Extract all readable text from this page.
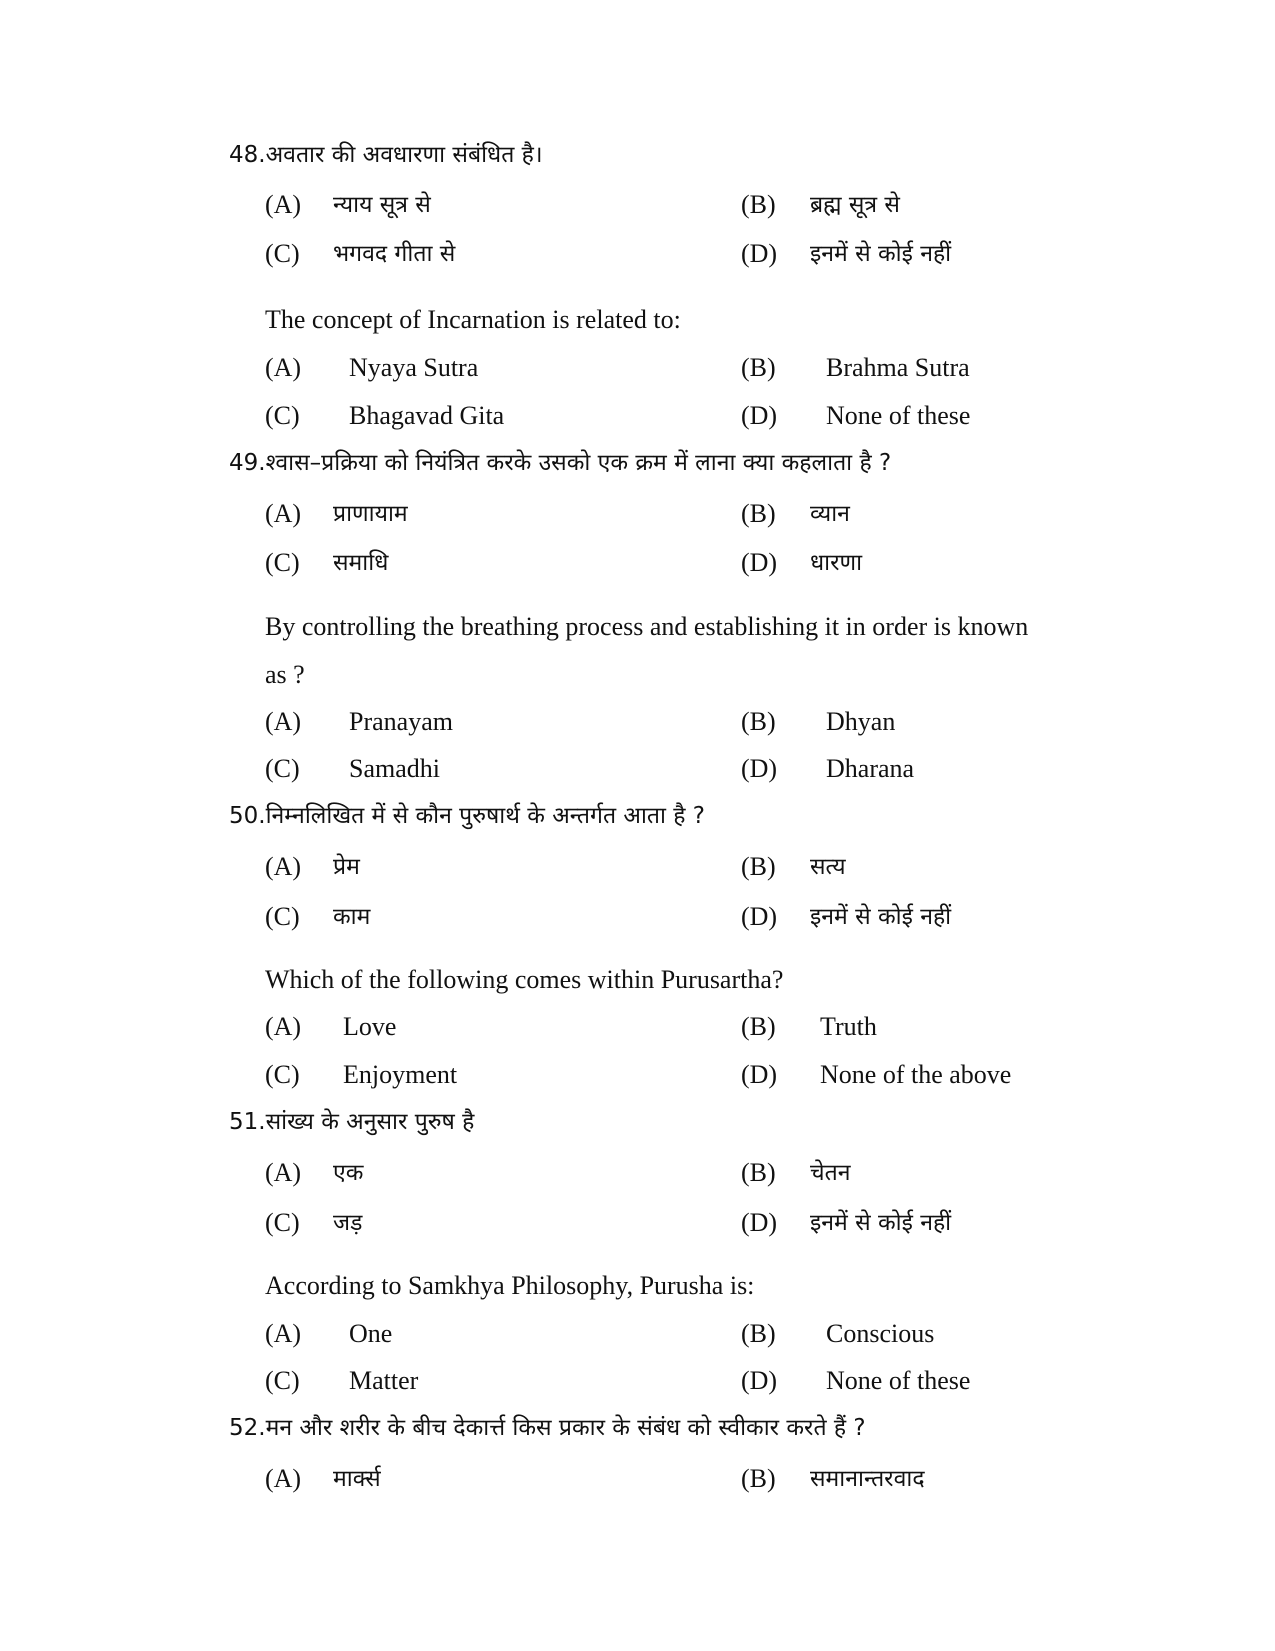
48.अवतार की अवधारणा संबंधित है।
(A) न्याय सूत्र से	(B) ब्रह्म सूत्र से
(C) भगवद गीता से	(D) इनमें से कोई नहीं
The concept of Incarnation is related to:
(A) Nyaya Sutra	(B) Brahma Sutra
(C) Bhagavad Gita	(D) None of these
49.श्वास–प्रक्रिया को नियंत्रित करके उसको एक क्रम में लाना क्या कहलाता है ?
(A) प्राणायाम	(B) व्यान
(C) समाधि	(D) धारणा
By controlling the breathing process and establishing it in order is known
as ?
(A) Pranayam	(B) Dhyan
(C) Samadhi	(D) Dharana
50.निम्नलिखित में से कौन पुरुषार्थ के अन्तर्गत आता है ?
(A) प्रेम	(B) सत्य
(C) काम	(D) इनमें से कोई नहीं
Which of the following comes within Purusartha?
(A) Love	(B) Truth
(C) Enjoyment	(D) None of the above
51.सांख्य के अनुसार पुरुष है
(A) एक	(B) चेतन
(C) जड़	(D) इनमें से कोई नहीं
According to Samkhya Philosophy, Purusha is:
(A) One	(B) Conscious
(C) Matter	(D) None of these
52.मन और शरीर के बीच देकार्त्त किस प्रकार के संबंध को स्वीकार करते हैं ?
(A) मार्क्स	(B) समानान्तरवाद
